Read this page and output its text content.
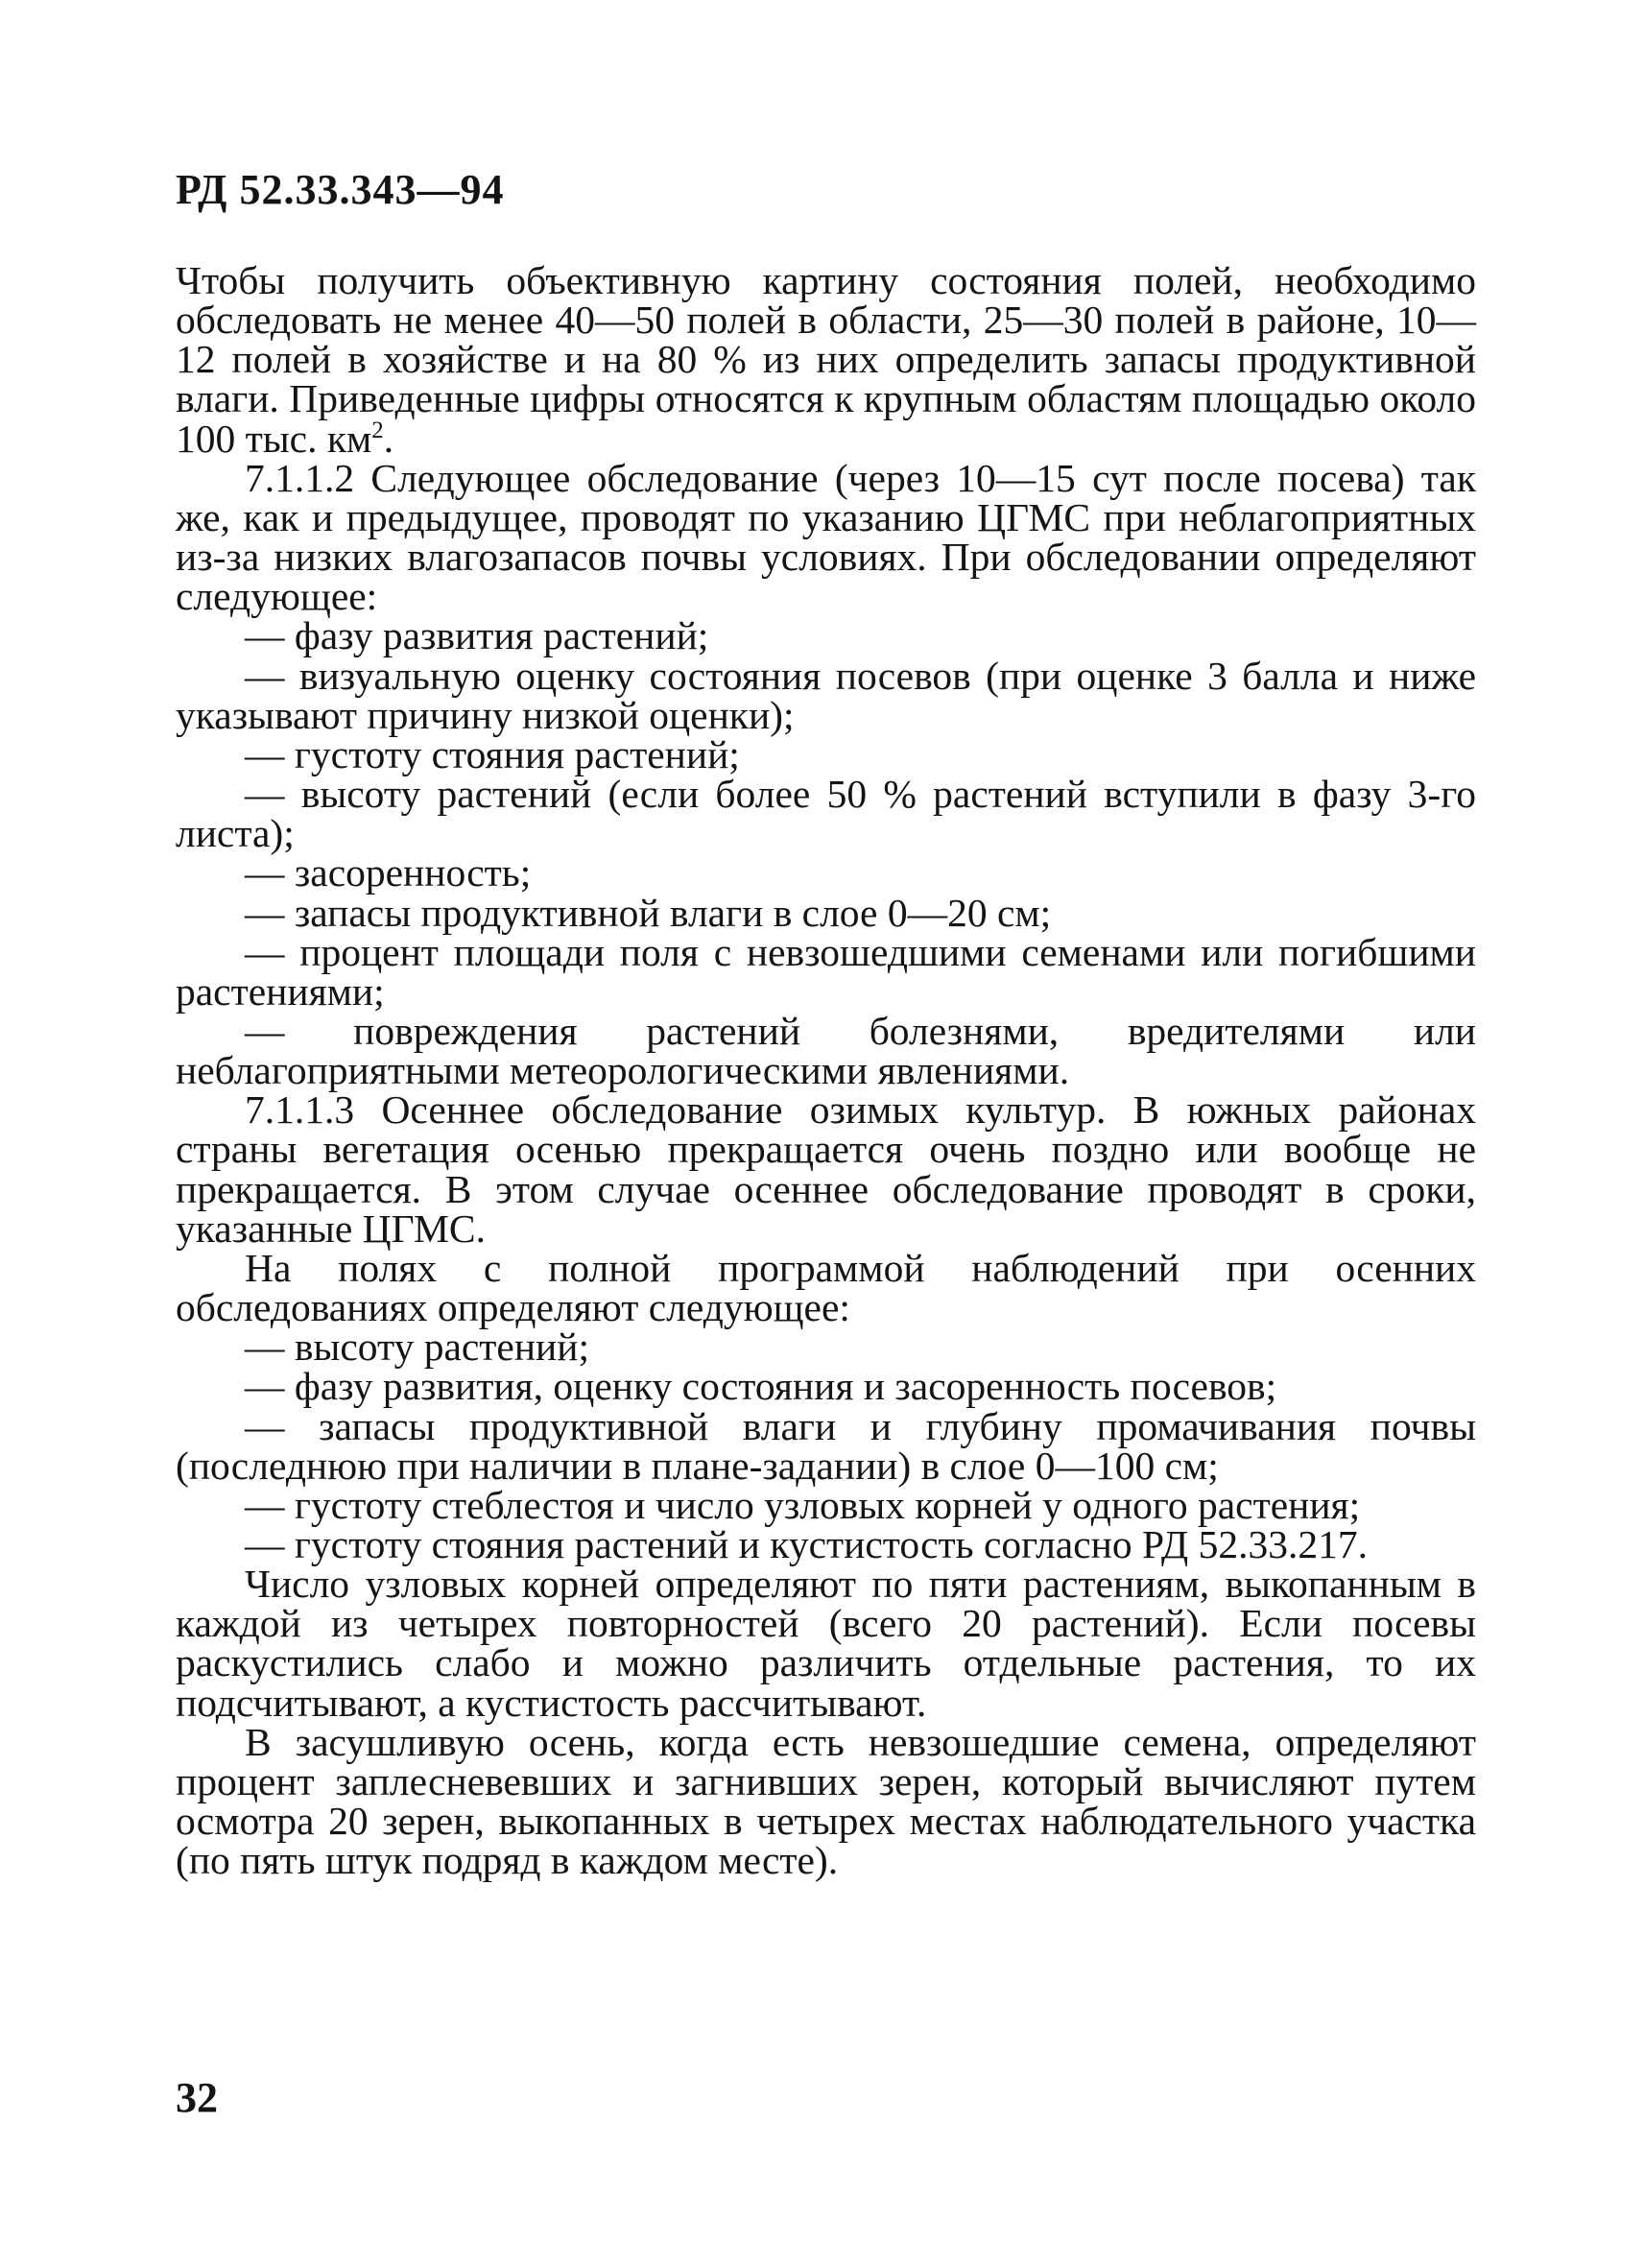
РД 52.33.343—94

Чтобы получить объективную картину состояния полей, необходимо обследовать не менее 40—50 полей в области, 25—30 полей в районе, 10—12 полей в хозяйстве и на 80 % из них определить запасы продуктивной влаги. Приведенные цифры относятся к крупным областям площадью около 100 тыс. $км^2$.

7.1.1.2 Следующее обследование (через 10—15 сут после посева) так же, как и предыдущее, проводят по указанию ЦГМС при неблагоприятных из-за низких влагозапасов почвы условиях. При обследовании определяют следующее:

— фазу развития растений;

— визуальную оценку состояния посевов (при оценке 3 балла и ниже указывают причину низкой оценки);

— густоту стояния растений;

— высоту растений (если более 50 % растений вступили в фазу 3-го листа);

— засоренность;

— запасы продуктивной влаги в слое 0—20 см;

— процент площади поля с невзошедшими семенами или погибшими растениями;

— повреждения растений болезнями, вредителями или неблагоприятными метеорологическими явлениями.

7.1.1.3 Осеннее обследование озимых культур. В южных районах страны вегетация осенью прекращается очень поздно или вообще не прекращается. В этом случае осеннее обследование проводят в сроки, указанные ЦГМС.

На полях с полной программой наблюдений при осенних обследованиях определяют следующее:

— высоту растений;

— фазу развития, оценку состояния и засоренность посевов;

— запасы продуктивной влаги и глубину промачивания почвы (последнюю при наличии в плане-задании) в слое 0—100 см;

— густоту стеблестоя и число узловых корней у одного растения;

— густоту стояния растений и кустистость согласно РД 52.33.217.

Число узловых корней определяют по пяти растениям, выкопанным в каждой из четырех повторностей (всего 20 растений). Если посевы раскустились слабо и можно различить отдельные растения, то их подсчитывают, а кустистость рассчитывают.

В засушливую осень, когда есть невзошедшие семена, определяют процент заплесневевших и загнивших зерен, который вычисляют путем осмотра 20 зерен, выкопанных в четырех местах наблюдательного участка (по пять штук подряд в каждом месте).

32
